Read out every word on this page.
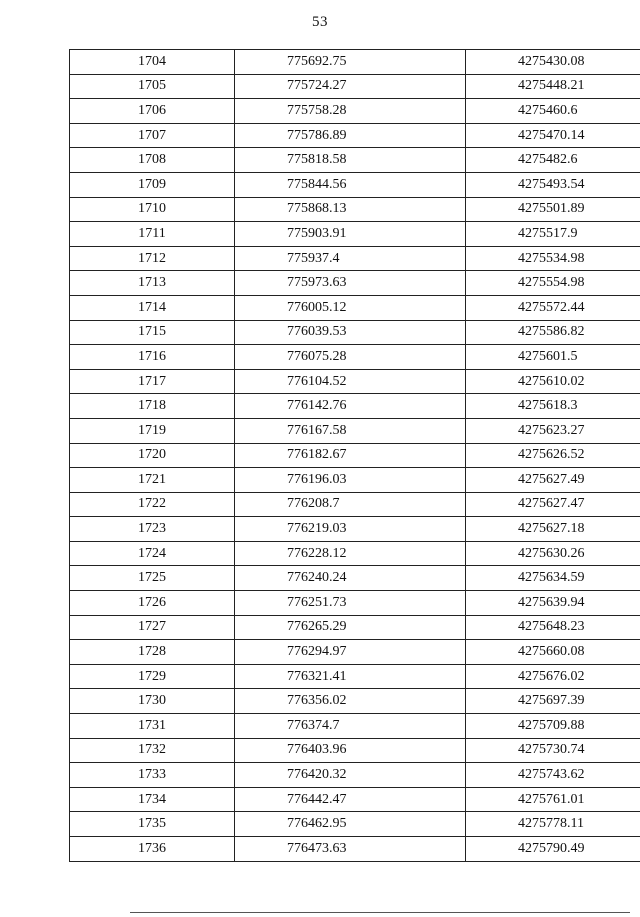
53
1704	775692.75	4275430.08
1705	775724.27	4275448.21
1706	775758.28	4275460.6
1707	775786.89	4275470.14
1708	775818.58	4275482.6
1709	775844.56	4275493.54
1710	775868.13	4275501.89
1711	775903.91	4275517.9
1712	775937.4	4275534.98
1713	775973.63	4275554.98
1714	776005.12	4275572.44
1715	776039.53	4275586.82
1716	776075.28	4275601.5
1717	776104.52	4275610.02
1718	776142.76	4275618.3
1719	776167.58	4275623.27
1720	776182.67	4275626.52
1721	776196.03	4275627.49
1722	776208.7	4275627.47
1723	776219.03	4275627.18
1724	776228.12	4275630.26
1725	776240.24	4275634.59
1726	776251.73	4275639.94
1727	776265.29	4275648.23
1728	776294.97	4275660.08
1729	776321.41	4275676.02
1730	776356.02	4275697.39
1731	776374.7	4275709.88
1732	776403.96	4275730.74
1733	776420.32	4275743.62
1734	776442.47	4275761.01
1735	776462.95	4275778.11
1736	776473.63	4275790.49
